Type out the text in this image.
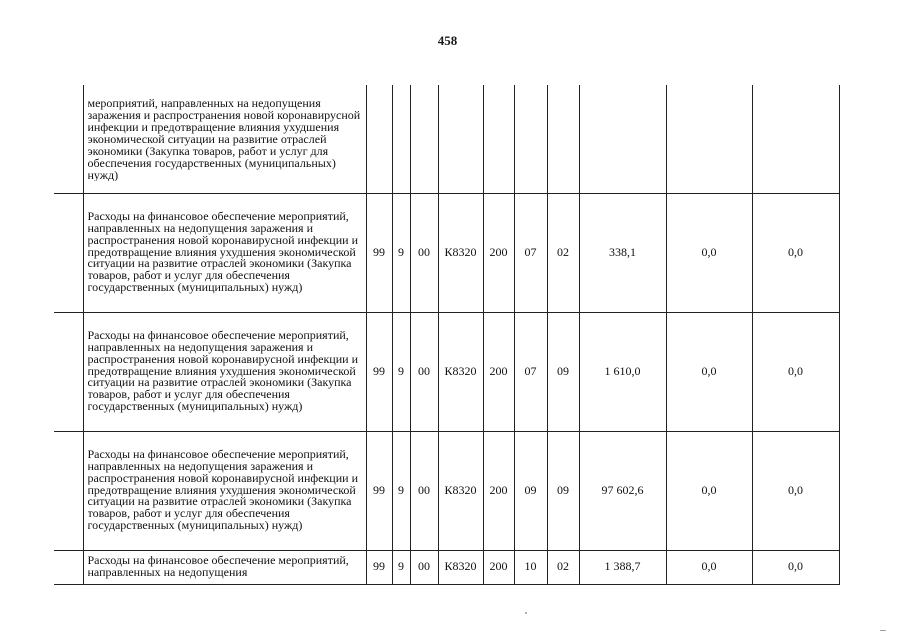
458

	мероприятий, направленных на недопущения заражения и распространения новой коронавирусной инфекции и предотвращение влияния ухудшения экономической ситуации на развитие отраслей экономики (Закупка товаров, работ и услуг для обеспечения государственных (муниципальных) нужд)										

	Расходы на финансовое обеспечение мероприятий, направленных на недопущения заражения и распространения новой коронавирусной инфекции и предотвращение влияния ухудшения экономической ситуации на развитие отраслей экономики (Закупка товаров, работ и услуг для обеспечения государственных (муниципальных) нужд)	99	9	00	К8320	200	07	02	338,1	0,0	0,0

	Расходы на финансовое обеспечение мероприятий, направленных на недопущения заражения и распространения новой коронавирусной инфекции и предотвращение влияния ухудшения экономической ситуации на развитие отраслей экономики (Закупка товаров, работ и услуг для обеспечения государственных (муниципальных) нужд)	99	9	00	К8320	200	07	09	1 610,0	0,0	0,0

	Расходы на финансовое обеспечение мероприятий, направленных на недопущения заражения и распространения новой коронавирусной инфекции и предотвращение влияния ухудшения экономической ситуации на развитие отраслей экономики (Закупка товаров, работ и услуг для обеспечения государственных (муниципальных) нужд)	99	9	00	К8320	200	09	09	97 602,6	0,0	0,0

	Расходы на финансовое обеспечение мероприятий, направленных на недопущения	99	9	00	К8320	200	10	02	1 388,7	0,0	0,0
